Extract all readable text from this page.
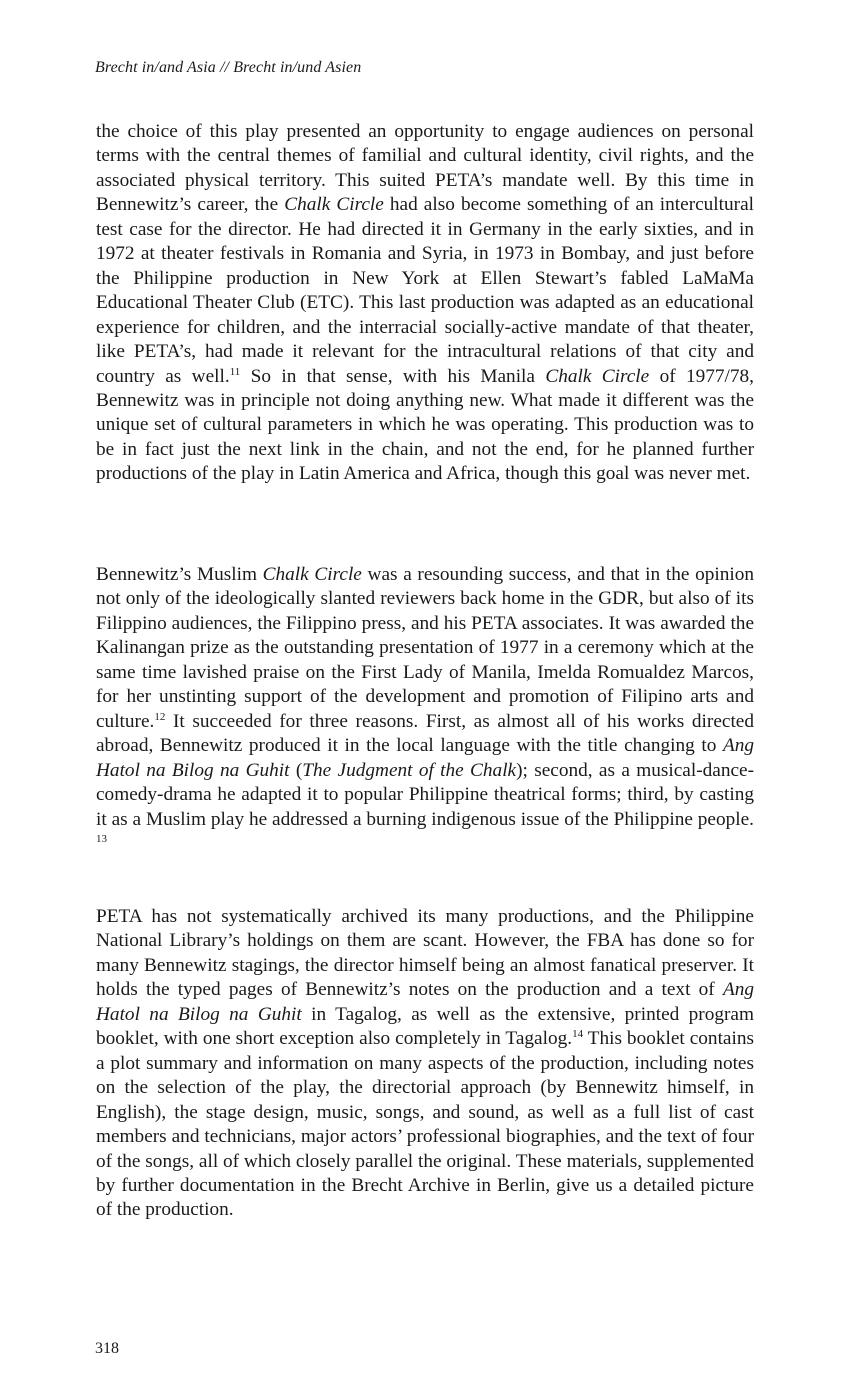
Brecht in/and Asia // Brecht in/und Asien

the choice of this play presented an opportunity to engage audiences on personal terms with the central themes of familial and cultural identity, civil rights, and the associated physical territory. This suited PETA’s mandate well. By this time in Bennewitz’s career, the Chalk Circle had also become something of an intercultural test case for the director. He had directed it in Germany in the early sixties, and in 1972 at theater festivals in Romania and Syria, in 1973 in Bombay, and just before the Philippine production in New York at Ellen Stewart’s fabled LaMaMa Educational Theater Club (ETC). This last production was adapted as an educational experience for children, and the interracial socially-active mandate of that theater, like PETA’s, had made it relevant for the intracultural relations of that city and country as well.$^{11}$ So in that sense, with his Manila Chalk Circle of 1977/78, Bennewitz was in principle not doing anything new. What made it different was the unique set of cultural parameters in which he was operating. This production was to be in fact just the next link in the chain, and not the end, for he planned further productions of the play in Latin America and Africa, though this goal was never met.

Bennewitz’s Muslim Chalk Circle was a resounding success, and that in the opinion not only of the ideologically slanted reviewers back home in the GDR, but also of its Filippino audiences, the Filippino press, and his PETA associates. It was awarded the Kalinangan prize as the outstanding presentation of 1977 in a ceremony which at the same time lavished praise on the First Lady of Manila, Imelda Romualdez Marcos, for her unstinting support of the development and promotion of Filipino arts and culture.$^{12}$ It succeeded for three reasons. First, as almost all of his works directed abroad, Bennewitz produced it in the local language with the title changing to Ang Hatol na Bilog na Guhit (The Judgment of the Chalk); second, as a musical-dance-comedy-drama he adapted it to popular Philippine theatrical forms; third, by casting it as a Muslim play he addressed a burning indigenous issue of the Philippine people. $^{13}$

PETA has not systematically archived its many productions, and the Philippine National Library’s holdings on them are scant. However, the FBA has done so for many Bennewitz stagings, the director himself being an almost fanatical preserver. It holds the typed pages of Bennewitz’s notes on the production and a text of Ang Hatol na Bilog na Guhit in Tagalog, as well as the extensive, printed program booklet, with one short exception also completely in Tagalog.$^{14}$ This booklet contains a plot summary and information on many aspects of the production, including notes on the selection of the play, the directorial approach (by Bennewitz himself, in English), the stage design, music, songs, and sound, as well as a full list of cast members and technicians, major actors’ professional biographies, and the text of four of the songs, all of which closely parallel the original. These materials, supplemented by further documentation in the Brecht Archive in Berlin, give us a detailed picture of the production.

318
